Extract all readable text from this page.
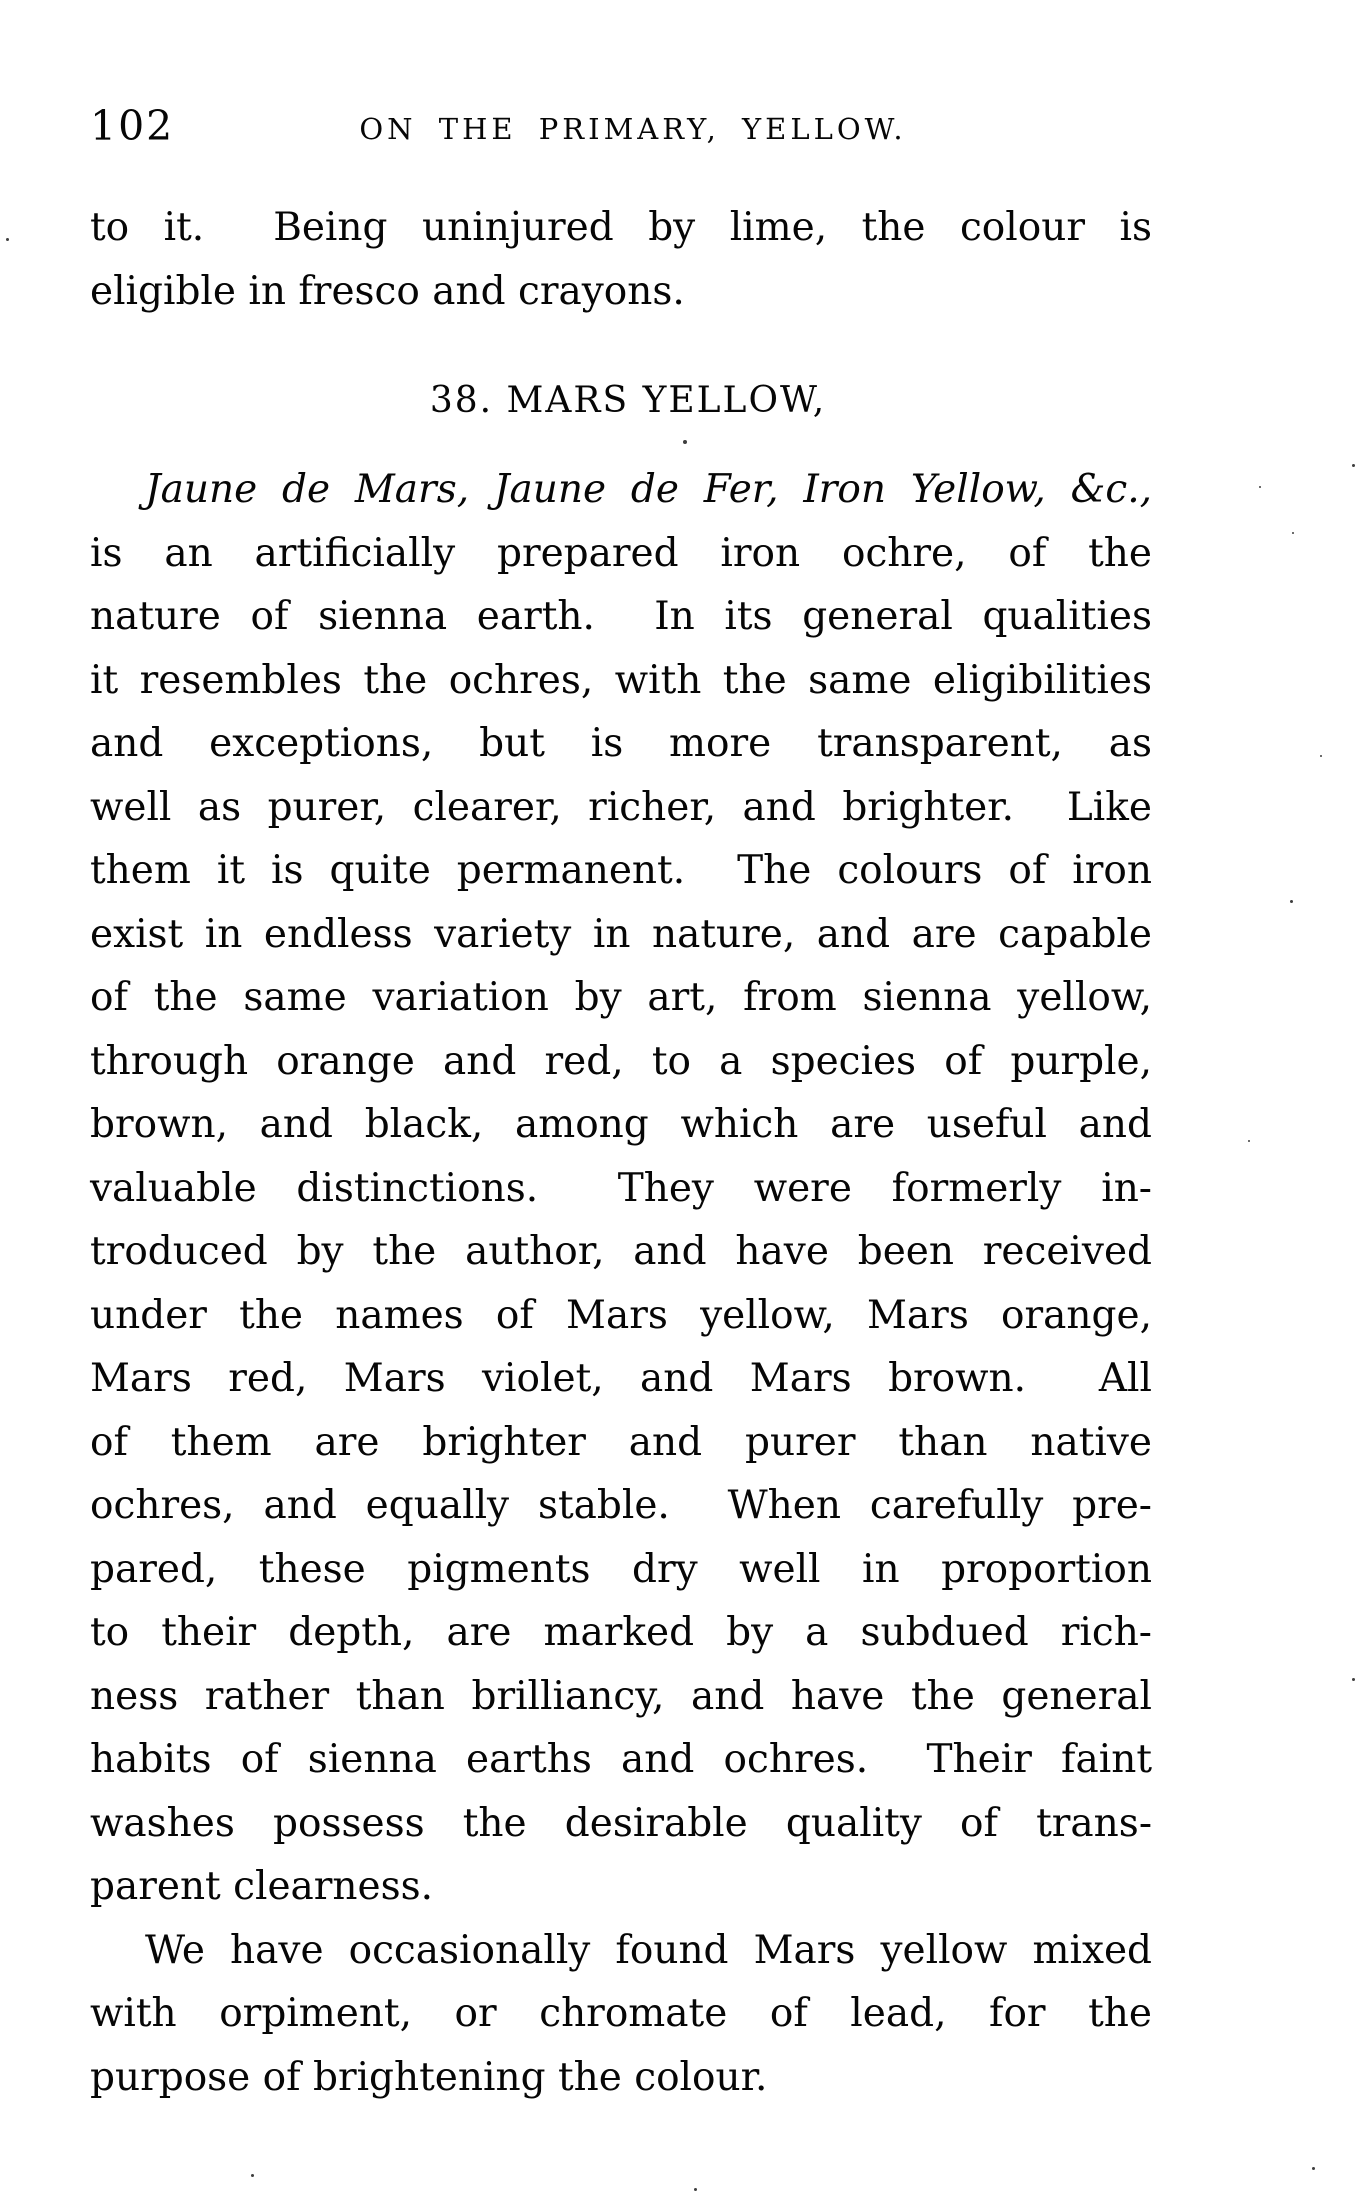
102	ON THE PRIMARY, YELLOW.
to it.  Being uninjured by lime, the colour is
eligible in fresco and crayons.
38. MARS YELLOW,
Jaune de Mars, Jaune de Fer, Iron Yellow, &c.,
is an artificially prepared iron ochre, of the
nature of sienna earth.  In its general qualities
it resembles the ochres, with the same eligibilities
and exceptions, but is more transparent, as
well as purer, clearer, richer, and brighter.  Like
them it is quite permanent.  The colours of iron
exist in endless variety in nature, and are capable
of the same variation by art, from sienna yellow,
through orange and red, to a species of purple,
brown, and black, among which are useful and
valuable distinctions.  They were formerly in-
troduced by the author, and have been received
under the names of Mars yellow, Mars orange,
Mars red, Mars violet, and Mars brown.  All
of them are brighter and purer than native
ochres, and equally stable.  When carefully pre-
pared, these pigments dry well in proportion
to their depth, are marked by a subdued rich-
ness rather than brilliancy, and have the general
habits of sienna earths and ochres.  Their faint
washes possess the desirable quality of trans-
parent clearness.
We have occasionally found Mars yellow mixed
with orpiment, or chromate of lead, for the
purpose of brightening the colour.
